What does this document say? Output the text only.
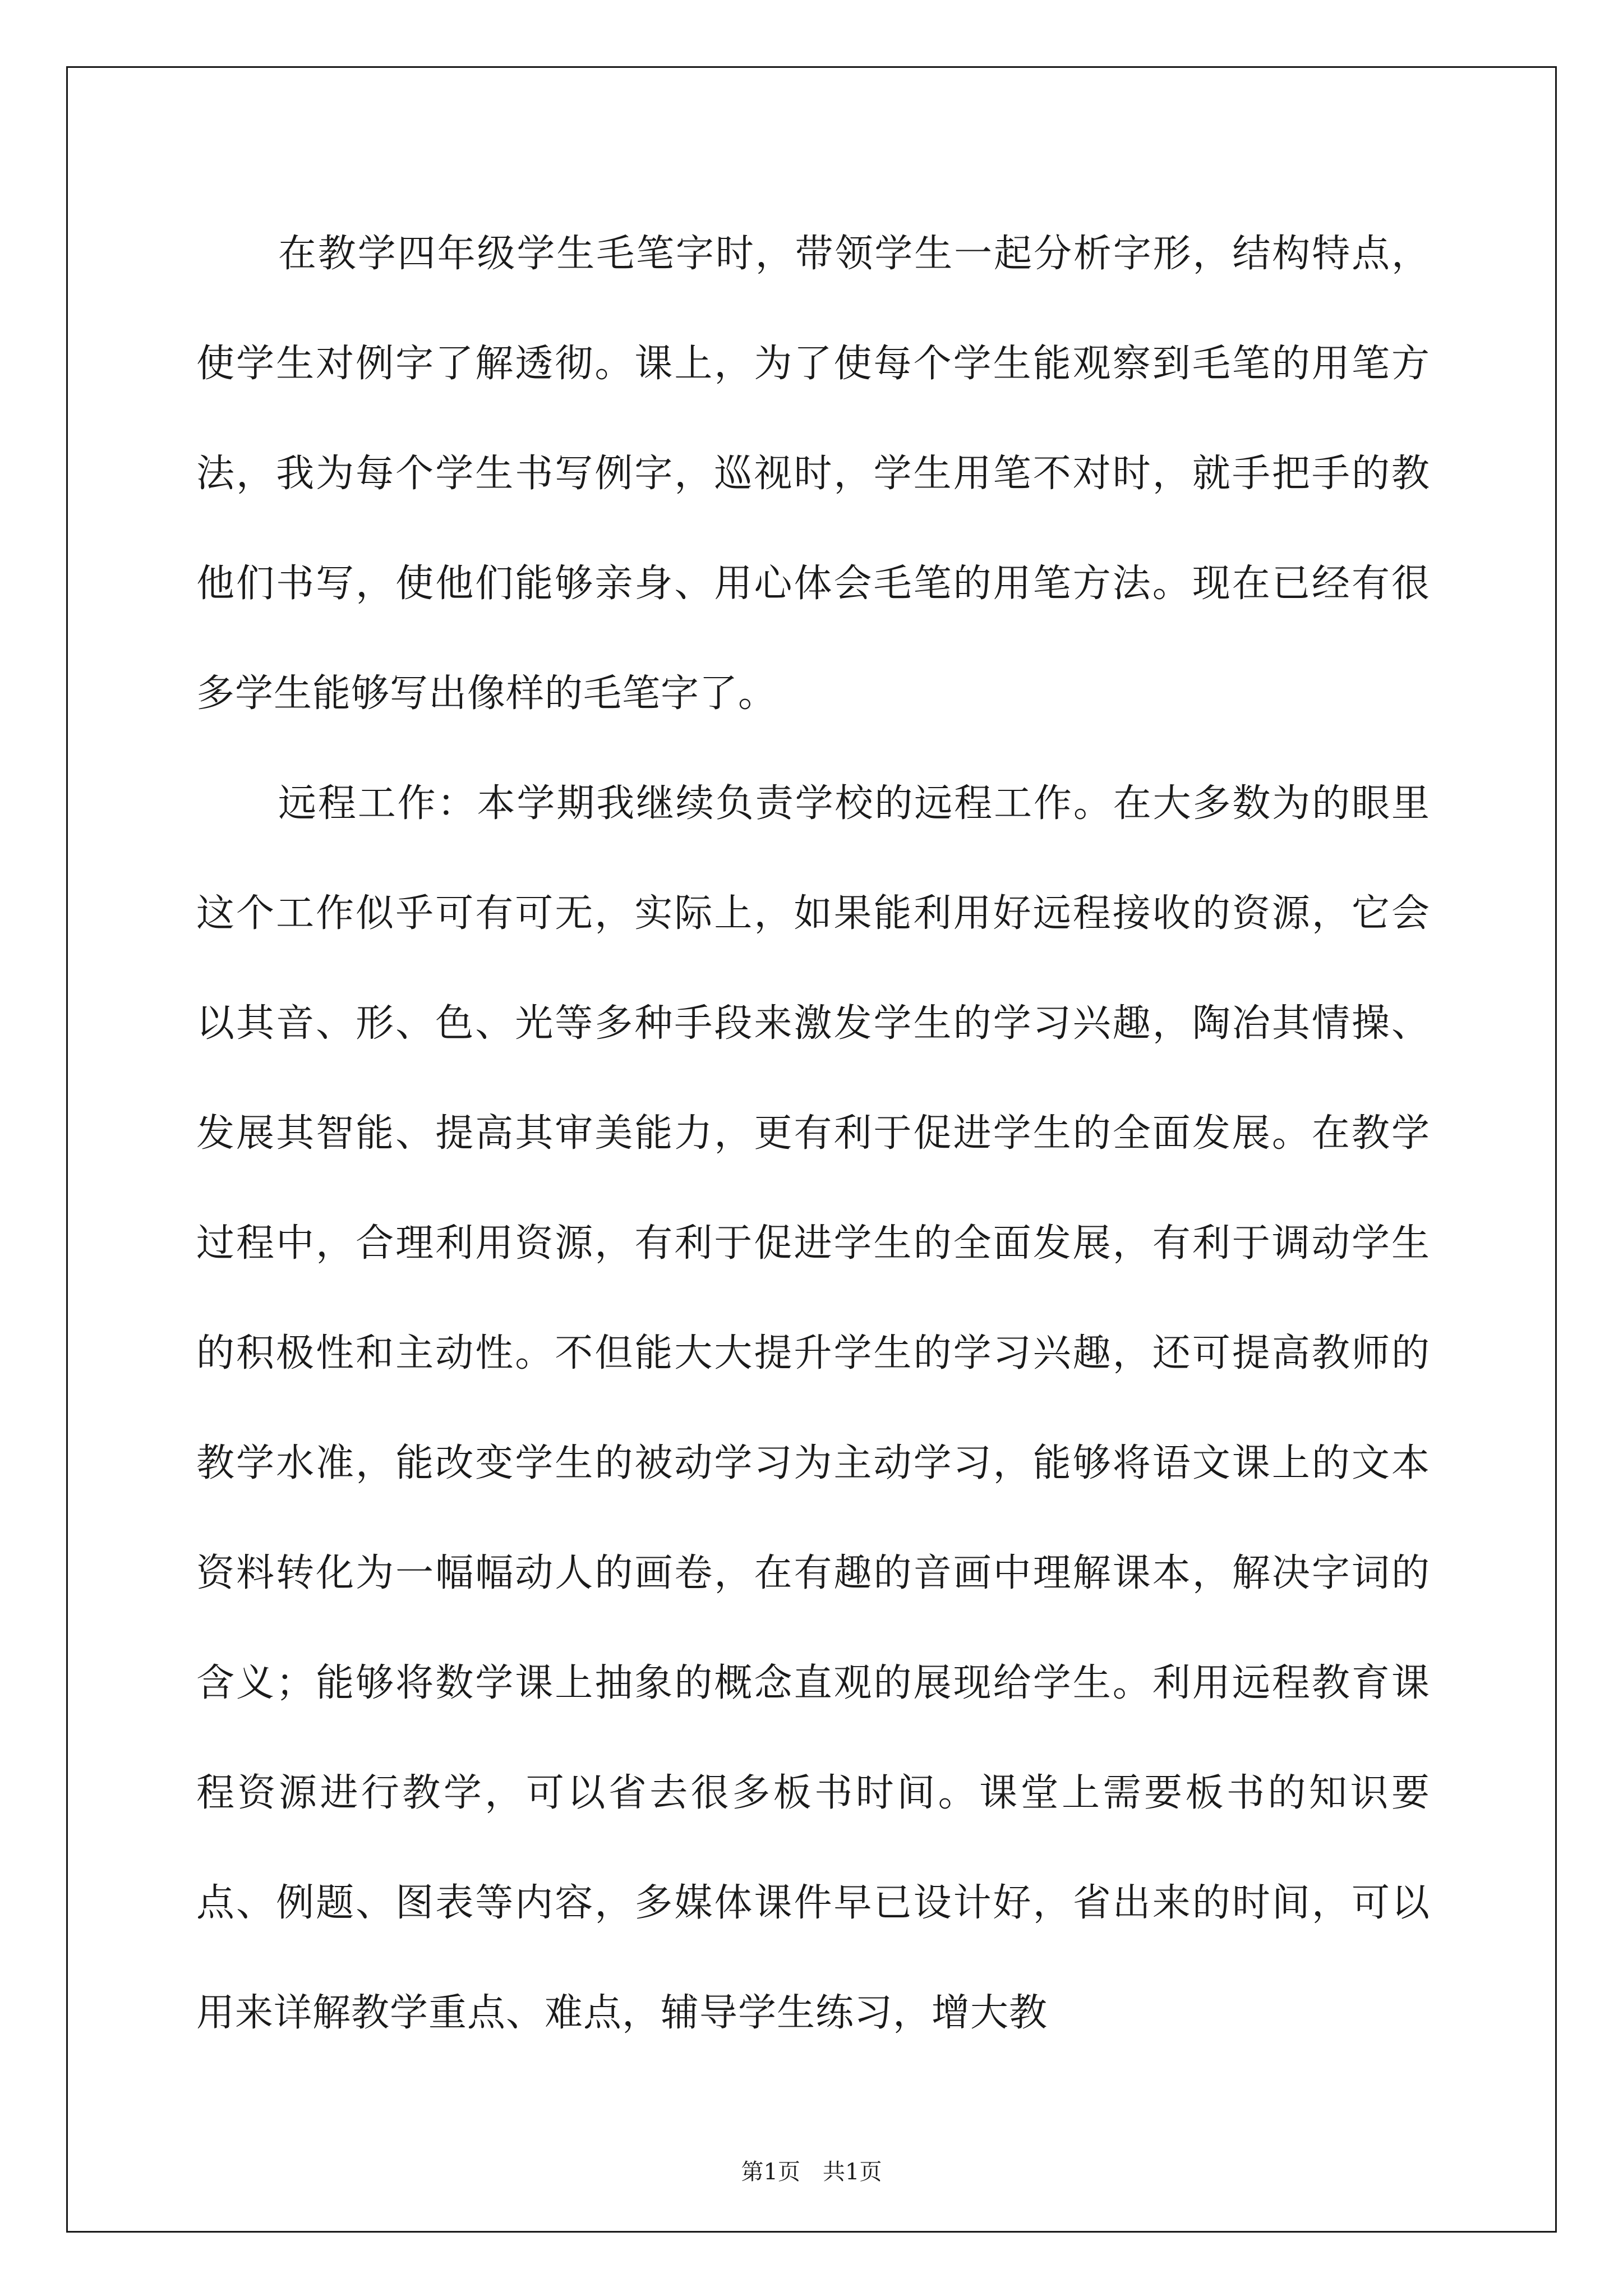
在教学四年级学生毛笔字时，带领学生一起分析字形，结构特点，使学生对例字了解透彻。课上，为了使每个学生能观察到毛笔的用笔方法，我为每个学生书写例字，巡视时，学生用笔不对时，就手把手的教他们书写，使他们能够亲身、用心体会毛笔的用笔方法。现在已经有很多学生能够写出像样的毛笔字了。

远程工作：本学期我继续负责学校的远程工作。在大多数为的眼里这个工作似乎可有可无，实际上，如果能利用好远程接收的资源，它会以其音、形、色、光等多种手段来激发学生的学习兴趣，陶冶其情操、发展其智能、提高其审美能力，更有利于促进学生的全面发展。在教学过程中，合理利用资源，有利于促进学生的全面发展，有利于调动学生的积极性和主动性。不但能大大提升学生的学习兴趣，还可提高教师的教学水准，能改变学生的被动学习为主动学习，能够将语文课上的文本资料转化为一幅幅动人的画卷，在有趣的音画中理解课本，解决字词的含义；能够将数学课上抽象的概念直观的展现给学生。利用远程教育课程资源进行教学，可以省去很多板书时间。课堂上需要板书的知识要点、例题、图表等内容，多媒体课件早已设计好，省出来的时间，可以用来详解教学重点、难点，辅导学生练习，增大教

第1页　共1页
